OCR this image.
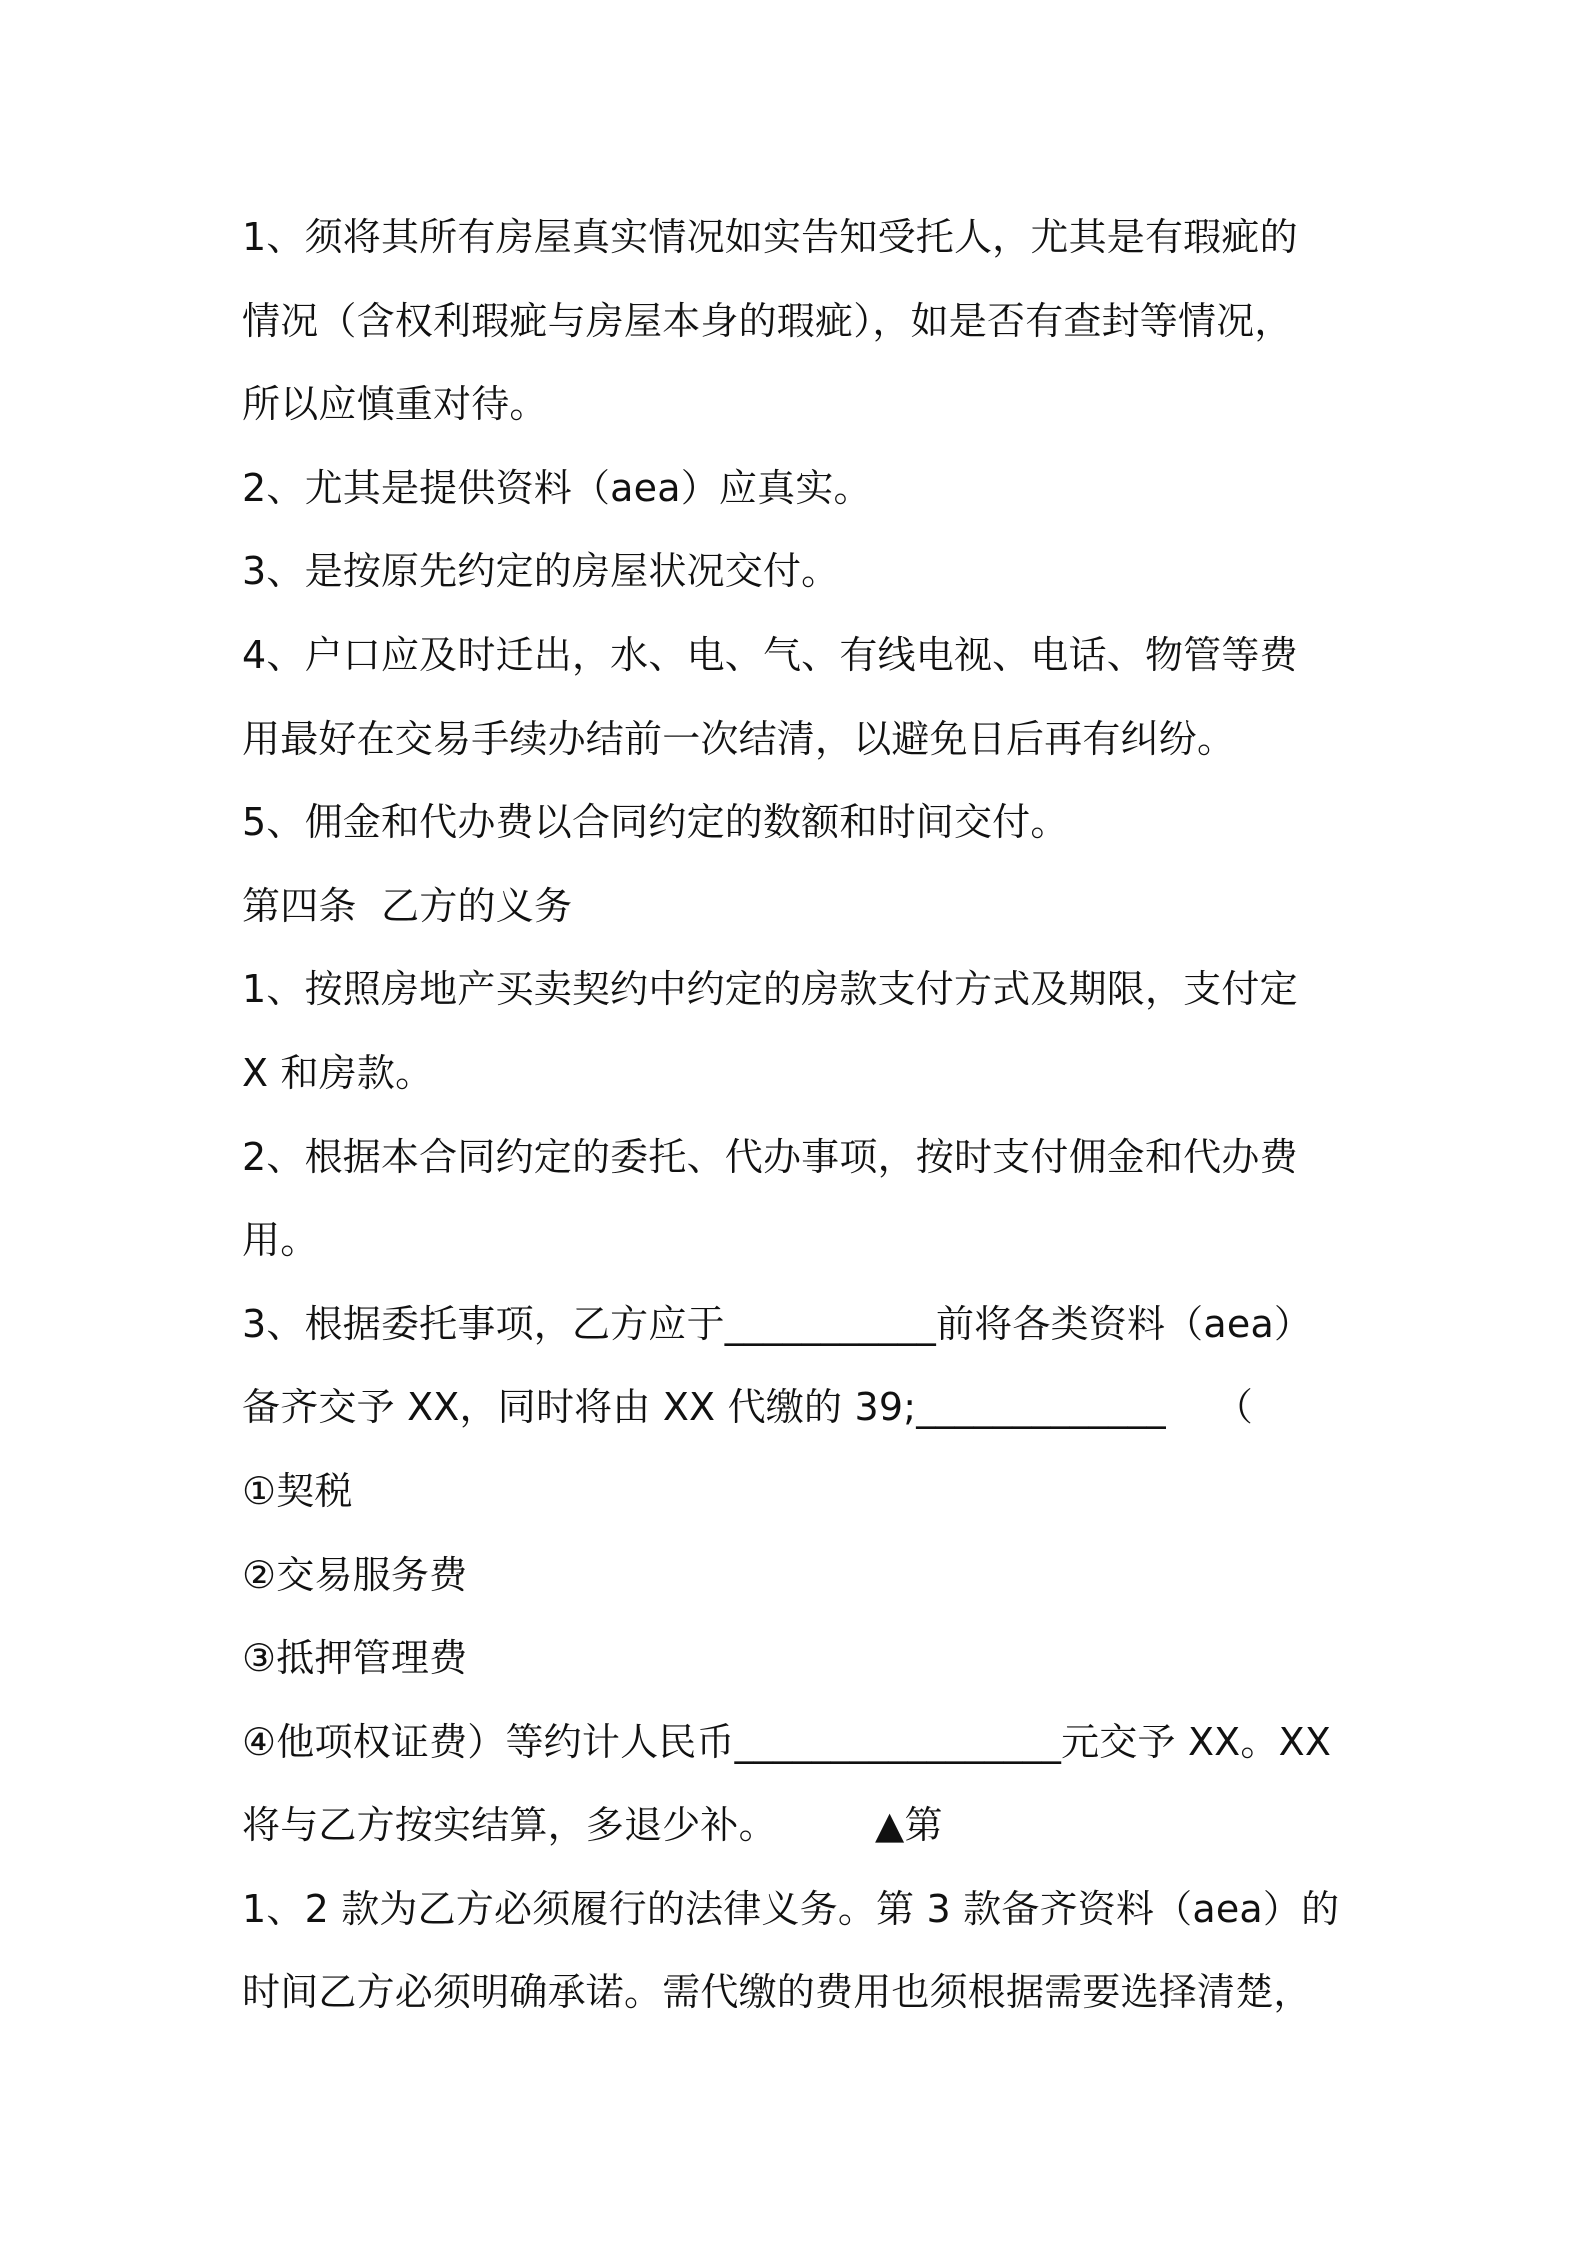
1、须将其所有房屋真实情况如实告知受托人，尤其是有瑕疵的
情况（含权利瑕疵与房屋本身的瑕疵），如是否有查封等情况，
所以应慎重对待。
2、尤其是提供资料（aea）应真实。
3、是按原先约定的房屋状况交付。
4、户口应及时迁出，水、电、气、有线电视、电话、物管等费
用最好在交易手续办结前一次结清，以避免日后再有纠纷。
5、佣金和代办费以合同约定的数额和时间交付。
第四条  乙方的义务
1、按照房地产买卖契约中约定的房款支付方式及期限，支付定
X 和房款。
2、根据本合同约定的委托、代办事项，按时支付佣金和代办费
用。
3、根据委托事项，乙方应于___________前将各类资料（aea）
备齐交予 XX，同时将由 XX 代缴的 39;_____________    （
①契税
②交易服务费
③抵押管理费
④他项权证费）等约计人民币_________________元交予 XX。XX
将与乙方按实结算，多退少补。        ▲第
1、2 款为乙方必须履行的法律义务。第 3 款备齐资料（aea）的
时间乙方必须明确承诺。需代缴的费用也须根据需要选择清楚，
